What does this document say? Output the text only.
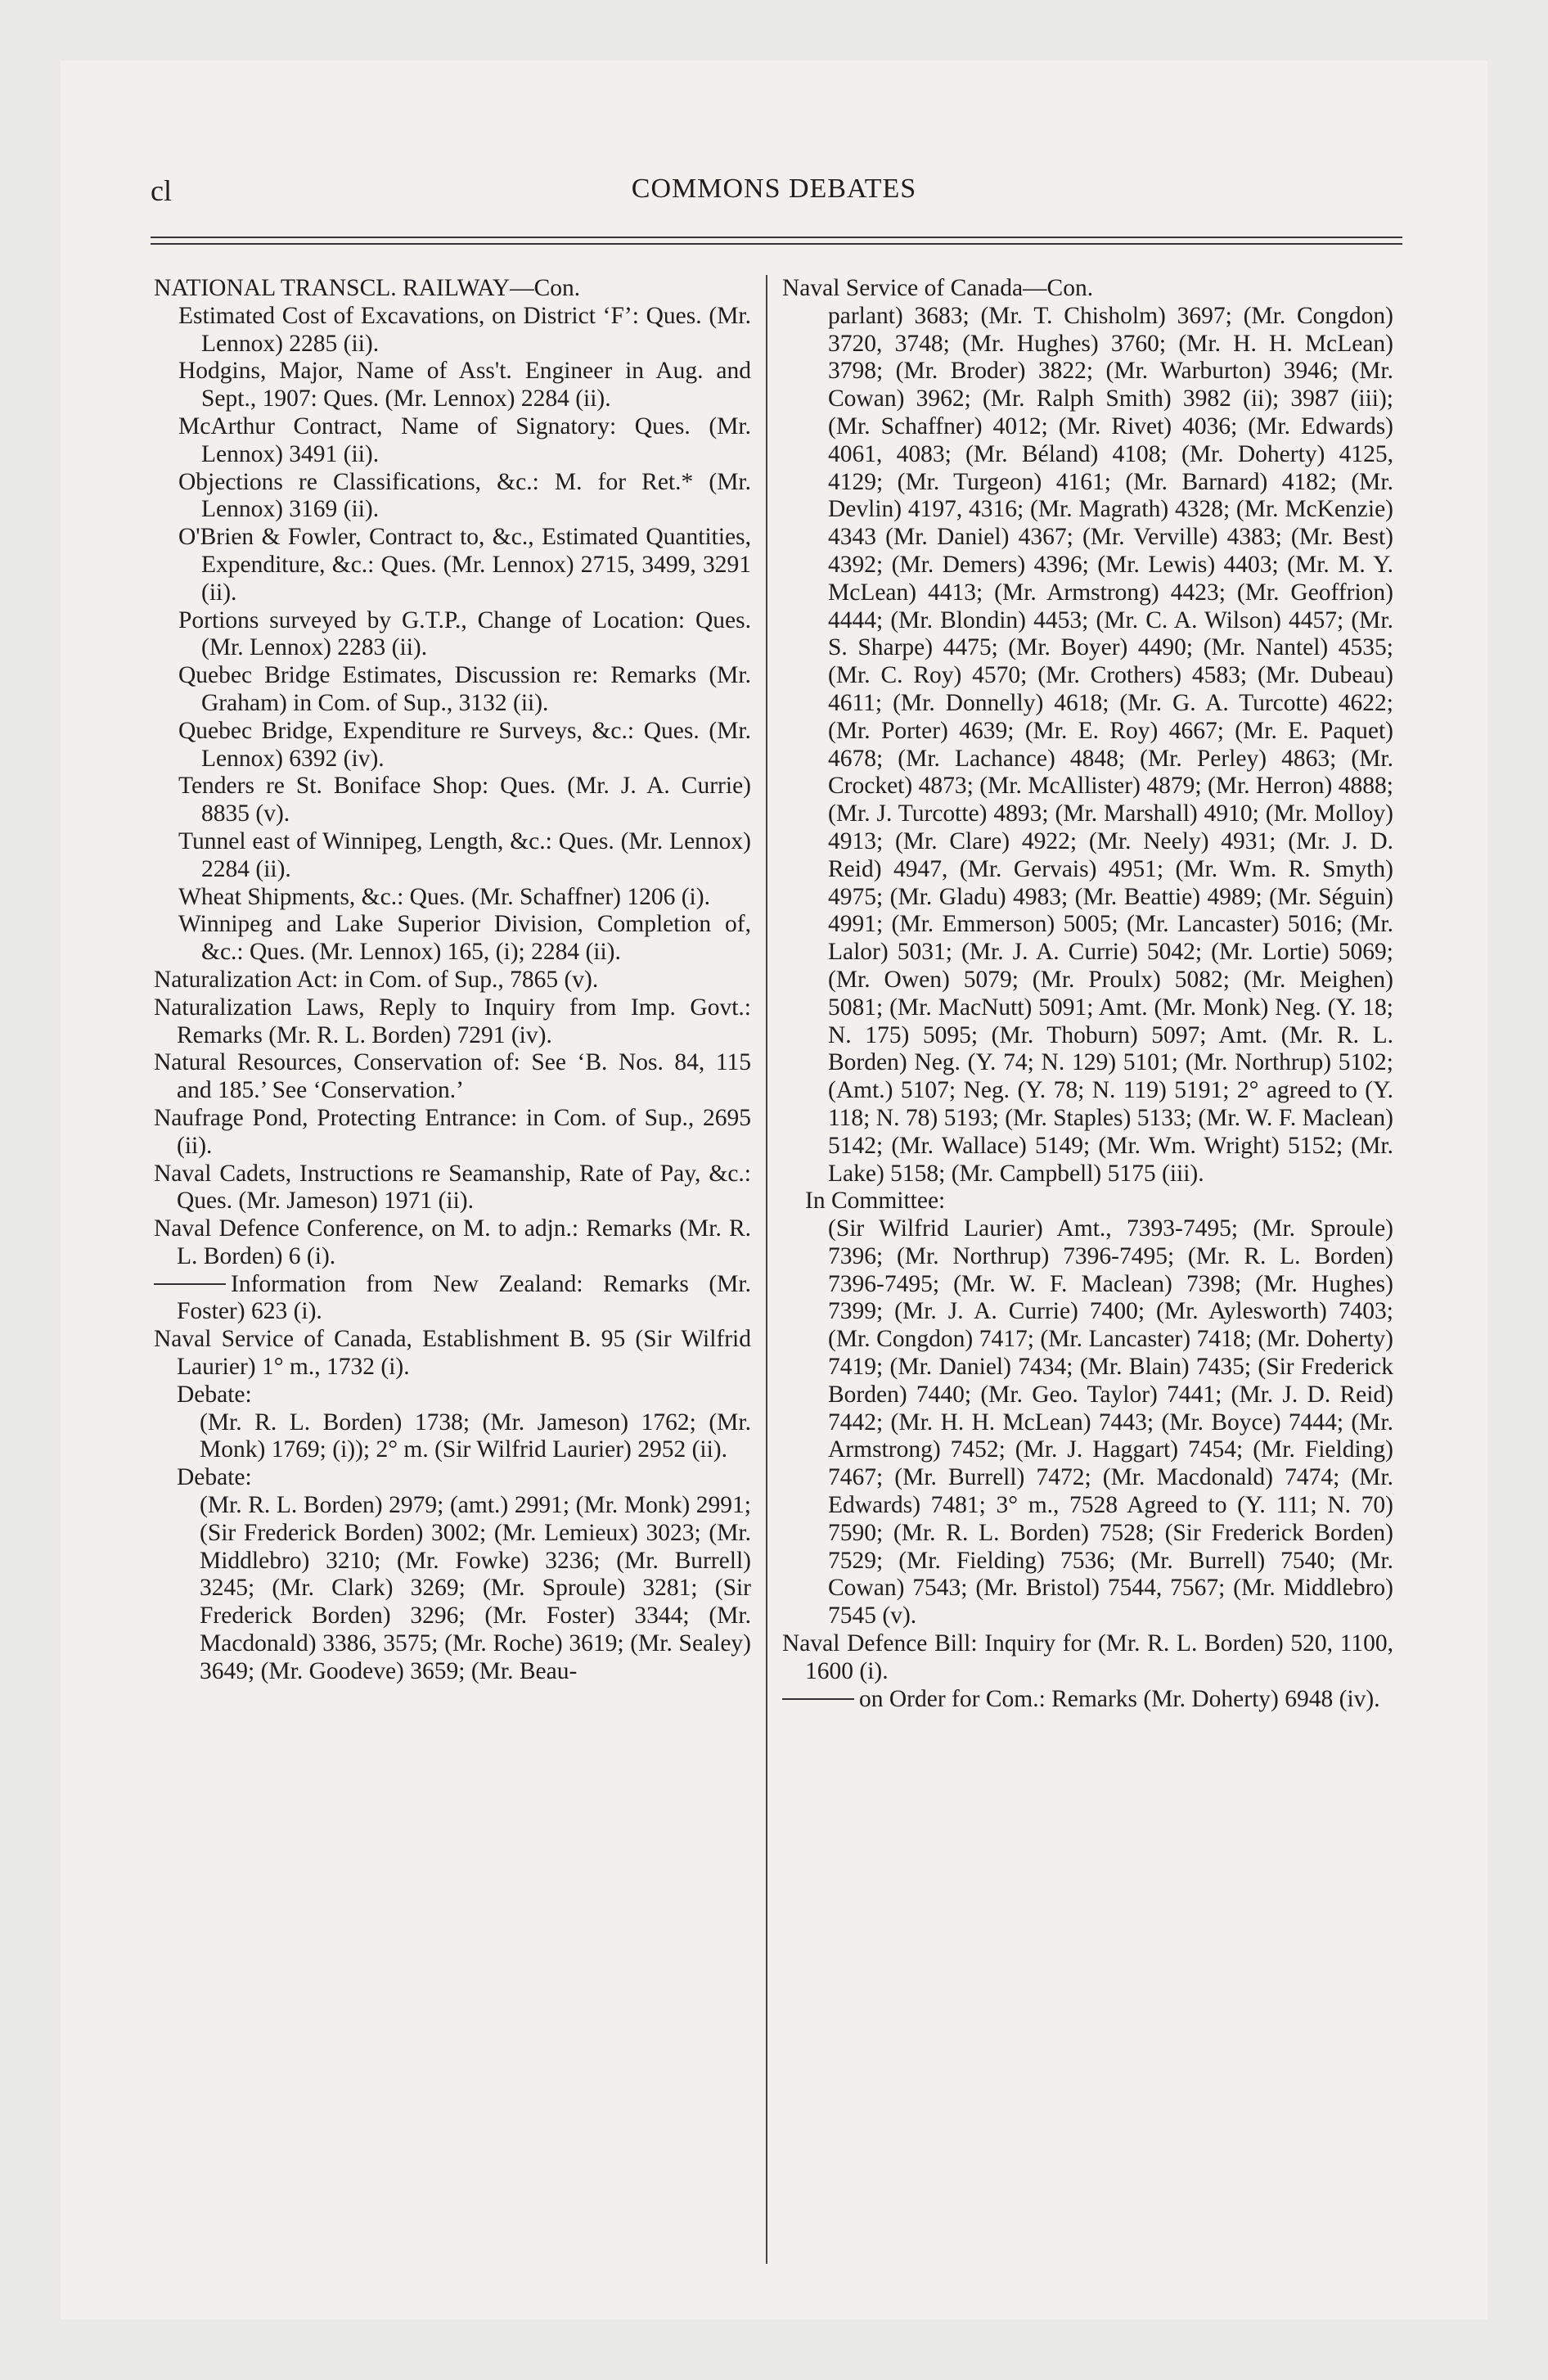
cl	COMMONS DEBATES
NATIONAL TRANSCL. RAILWAY—Con.
Estimated Cost of Excavations, on District ‘F’: Ques. (Mr. Lennox) 2285 (ii).
Hodgins, Major, Name of Ass't. Engineer in Aug. and Sept., 1907: Ques. (Mr. Lennox) 2284 (ii).
McArthur Contract, Name of Signatory: Ques. (Mr. Lennox) 3491 (ii).
Objections re Classifications, &c.: M. for Ret.* (Mr. Lennox) 3169 (ii).
O'Brien & Fowler, Contract to, &c., Estimated Quantities, Expenditure, &c.: Ques. (Mr. Lennox) 2715, 3499, 3291 (ii).
Portions surveyed by G.T.P., Change of Location: Ques. (Mr. Lennox) 2283 (ii).
Quebec Bridge Estimates, Discussion re: Remarks (Mr. Graham) in Com. of Sup., 3132 (ii).
Quebec Bridge, Expenditure re Surveys, &c.: Ques. (Mr. Lennox) 6392 (iv).
Tenders re St. Boniface Shop: Ques. (Mr. J. A. Currie) 8835 (v).
Tunnel east of Winnipeg, Length, &c.: Ques. (Mr. Lennox) 2284 (ii).
Wheat Shipments, &c.: Ques. (Mr. Schaffner) 1206 (i).
Winnipeg and Lake Superior Division, Completion of, &c.: Ques. (Mr. Lennox) 165, (i); 2284 (ii).
Naturalization Act: in Com. of Sup., 7865 (v).
Naturalization Laws, Reply to Inquiry from Imp. Govt.: Remarks (Mr. R. L. Borden) 7291 (iv).
Natural Resources, Conservation of: See ‘B. Nos. 84, 115 and 185.’ See ‘Conservation.’
Naufrage Pond, Protecting Entrance: in Com. of Sup., 2695 (ii).
Naval Cadets, Instructions re Seamanship, Rate of Pay, &c.: Ques. (Mr. Jameson) 1971 (ii).
Naval Defence Conference, on M. to adjn.: Remarks (Mr. R. L. Borden) 6 (i).
Information from New Zealand: Remarks (Mr. Foster) 623 (i).
Naval Service of Canada, Establishment B. 95 (Sir Wilfrid Laurier) 1° m., 1732 (i).
Debate:
(Mr. R. L. Borden) 1738; (Mr. Jameson) 1762; (Mr. Monk) 1769; (i)); 2° m. (Sir Wilfrid Laurier) 2952 (ii).
Debate:
(Mr. R. L. Borden) 2979; (amt.) 2991; (Mr. Monk) 2991; (Sir Frederick Borden) 3002; (Mr. Lemieux) 3023; (Mr. Middlebro) 3210; (Mr. Fowke) 3236; (Mr. Burrell) 3245; (Mr. Clark) 3269; (Mr. Sproule) 3281; (Sir Frederick Borden) 3296; (Mr. Foster) 3344; (Mr. Macdonald) 3386, 3575; (Mr. Roche) 3619; (Mr. Sealey) 3649; (Mr. Goodeve) 3659; (Mr. Beau-
Naval Service of Canada—Con.
parlant) 3683; (Mr. T. Chisholm) 3697; (Mr. Congdon) 3720, 3748; (Mr. Hughes) 3760; (Mr. H. H. McLean) 3798; (Mr. Broder) 3822; (Mr. Warburton) 3946; (Mr. Cowan) 3962; (Mr. Ralph Smith) 3982 (ii); 3987 (iii); (Mr. Schaffner) 4012; (Mr. Rivet) 4036; (Mr. Edwards) 4061, 4083; (Mr. Béland) 4108; (Mr. Doherty) 4125, 4129; (Mr. Turgeon) 4161; (Mr. Barnard) 4182; (Mr. Devlin) 4197, 4316; (Mr. Magrath) 4328; (Mr. McKenzie) 4343 (Mr. Daniel) 4367; (Mr. Verville) 4383; (Mr. Best) 4392; (Mr. Demers) 4396; (Mr. Lewis) 4403; (Mr. M. Y. McLean) 4413; (Mr. Armstrong) 4423; (Mr. Geoffrion) 4444; (Mr. Blondin) 4453; (Mr. C. A. Wilson) 4457; (Mr. S. Sharpe) 4475; (Mr. Boyer) 4490; (Mr. Nantel) 4535; (Mr. C. Roy) 4570; (Mr. Crothers) 4583; (Mr. Dubeau) 4611; (Mr. Donnelly) 4618; (Mr. G. A. Turcotte) 4622; (Mr. Porter) 4639; (Mr. E. Roy) 4667; (Mr. E. Paquet) 4678; (Mr. Lachance) 4848; (Mr. Perley) 4863; (Mr. Crocket) 4873; (Mr. McAllister) 4879; (Mr. Herron) 4888; (Mr. J. Turcotte) 4893; (Mr. Marshall) 4910; (Mr. Molloy) 4913; (Mr. Clare) 4922; (Mr. Neely) 4931; (Mr. J. D. Reid) 4947, (Mr. Gervais) 4951; (Mr. Wm. R. Smyth) 4975; (Mr. Gladu) 4983; (Mr. Beattie) 4989; (Mr. Séguin) 4991; (Mr. Emmerson) 5005; (Mr. Lancaster) 5016; (Mr. Lalor) 5031; (Mr. J. A. Currie) 5042; (Mr. Lortie) 5069; (Mr. Owen) 5079; (Mr. Proulx) 5082; (Mr. Meighen) 5081; (Mr. MacNutt) 5091; Amt. (Mr. Monk) Neg. (Y. 18; N. 175) 5095; (Mr. Thoburn) 5097; Amt. (Mr. R. L. Borden) Neg. (Y. 74; N. 129) 5101; (Mr. Northrup) 5102; (Amt.) 5107; Neg. (Y. 78; N. 119) 5191; 2° agreed to (Y. 118; N. 78) 5193; (Mr. Staples) 5133; (Mr. W. F. Maclean) 5142; (Mr. Wallace) 5149; (Mr. Wm. Wright) 5152; (Mr. Lake) 5158; (Mr. Campbell) 5175 (iii).
In Committee:
(Sir Wilfrid Laurier) Amt., 7393-7495; (Mr. Sproule) 7396; (Mr. Northrup) 7396-7495; (Mr. R. L. Borden) 7396-7495; (Mr. W. F. Maclean) 7398; (Mr. Hughes) 7399; (Mr. J. A. Currie) 7400; (Mr. Aylesworth) 7403; (Mr. Congdon) 7417; (Mr. Lancaster) 7418; (Mr. Doherty) 7419; (Mr. Daniel) 7434; (Mr. Blain) 7435; (Sir Frederick Borden) 7440; (Mr. Geo. Taylor) 7441; (Mr. J. D. Reid) 7442; (Mr. H. H. McLean) 7443; (Mr. Boyce) 7444; (Mr. Armstrong) 7452; (Mr. J. Haggart) 7454; (Mr. Fielding) 7467; (Mr. Burrell) 7472; (Mr. Macdonald) 7474; (Mr. Edwards) 7481; 3° m., 7528 Agreed to (Y. 111; N. 70) 7590; (Mr. R. L. Borden) 7528; (Sir Frederick Borden) 7529; (Mr. Fielding) 7536; (Mr. Burrell) 7540; (Mr. Cowan) 7543; (Mr. Bristol) 7544, 7567; (Mr. Middlebro) 7545 (v).
Naval Defence Bill: Inquiry for (Mr. R. L. Borden) 520, 1100, 1600 (i).
on Order for Com.: Remarks (Mr. Doherty) 6948 (iv).
